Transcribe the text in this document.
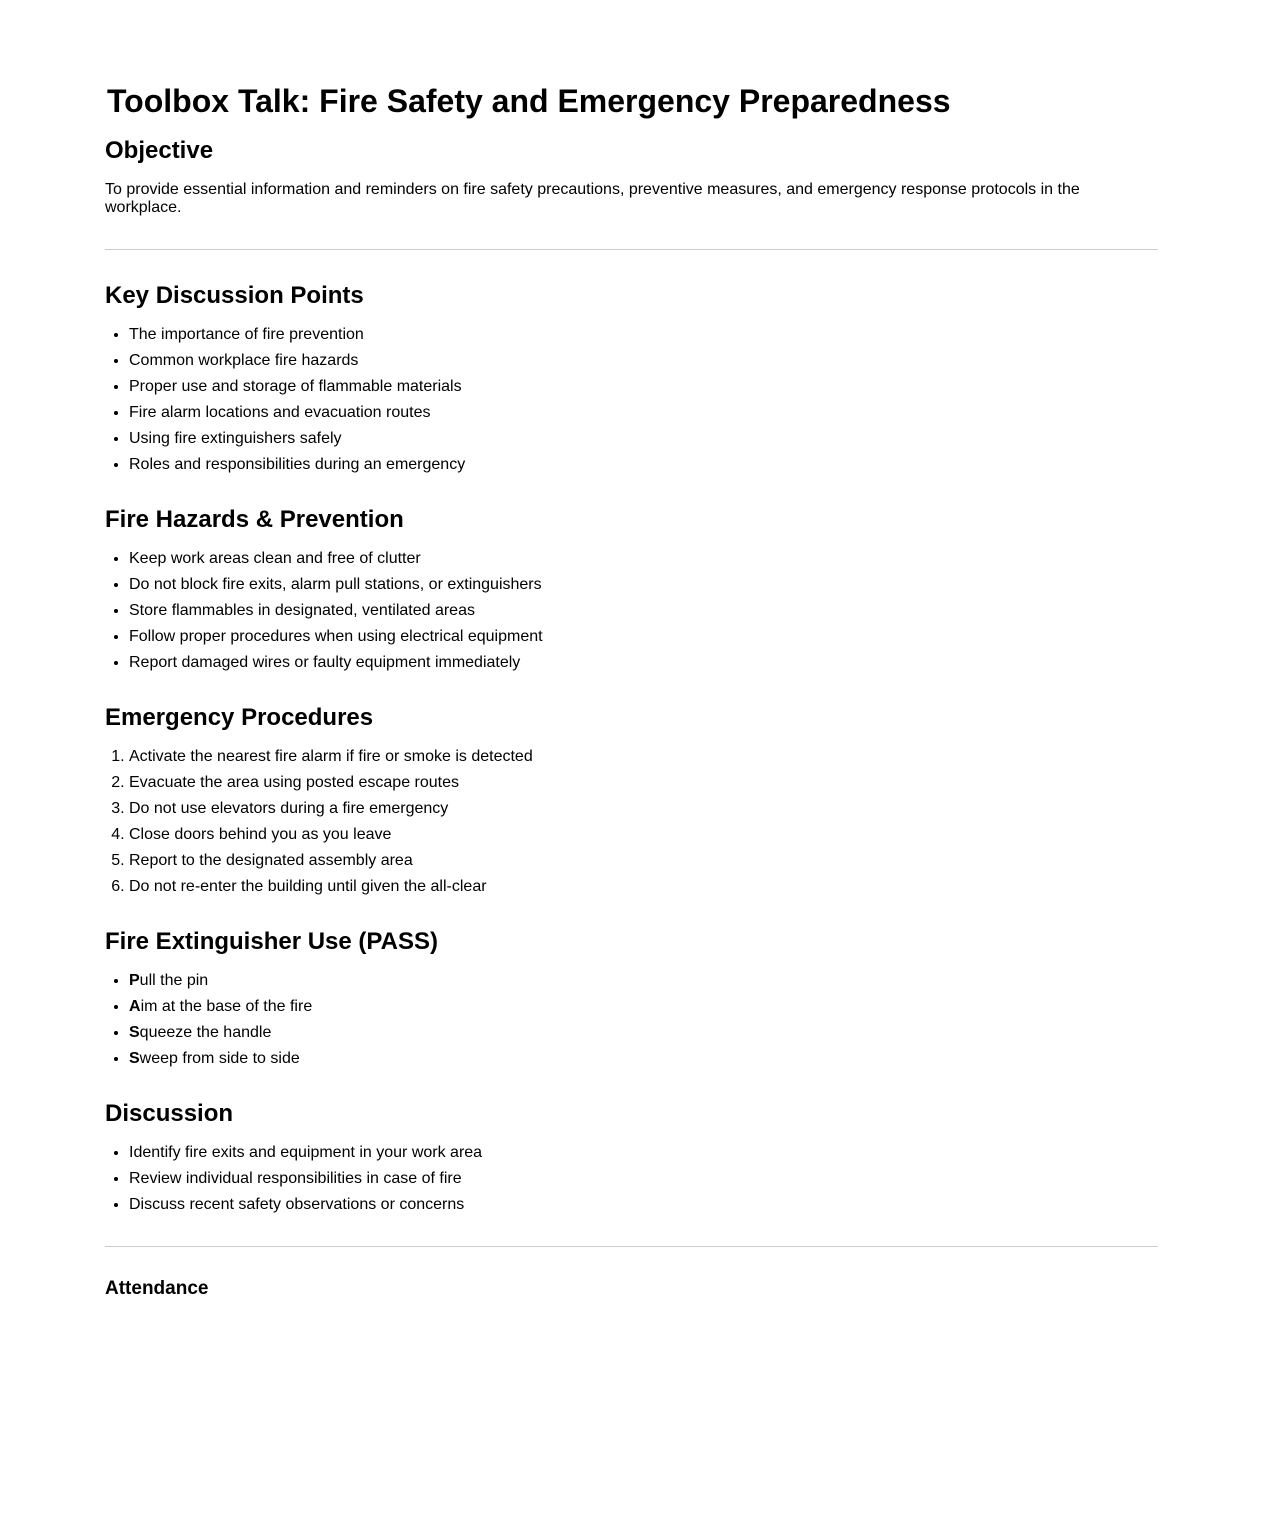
Toolbox Talk: Fire Safety and Emergency Preparedness
Objective

To provide essential information and reminders on fire safety precautions, preventive measures, and emergency response protocols in the workplace.

Key Discussion Points
• The importance of fire prevention
• Common workplace fire hazards
• Proper use and storage of flammable materials
• Fire alarm locations and evacuation routes
• Using fire extinguishers safely
• Roles and responsibilities during an emergency
Fire Hazards & Prevention
• Keep work areas clean and free of clutter
• Do not block fire exits, alarm pull stations, or extinguishers
• Store flammables in designated, ventilated areas
• Follow proper procedures when using electrical equipment
• Report damaged wires or faulty equipment immediately
Emergency Procedures
1. Activate the nearest fire alarm if fire or smoke is detected
2. Evacuate the area using posted escape routes
3. Do not use elevators during a fire emergency
4. Close doors behind you as you leave
5. Report to the designated assembly area
6. Do not re-enter the building until given the all-clear
Fire Extinguisher Use (PASS)
• Pull the pin
• Aim at the base of the fire
• Squeeze the handle
• Sweep from side to side
Discussion
• Identify fire exits and equipment in your work area
• Review individual responsibilities in case of fire
• Discuss recent safety observations or concerns
Attendance
